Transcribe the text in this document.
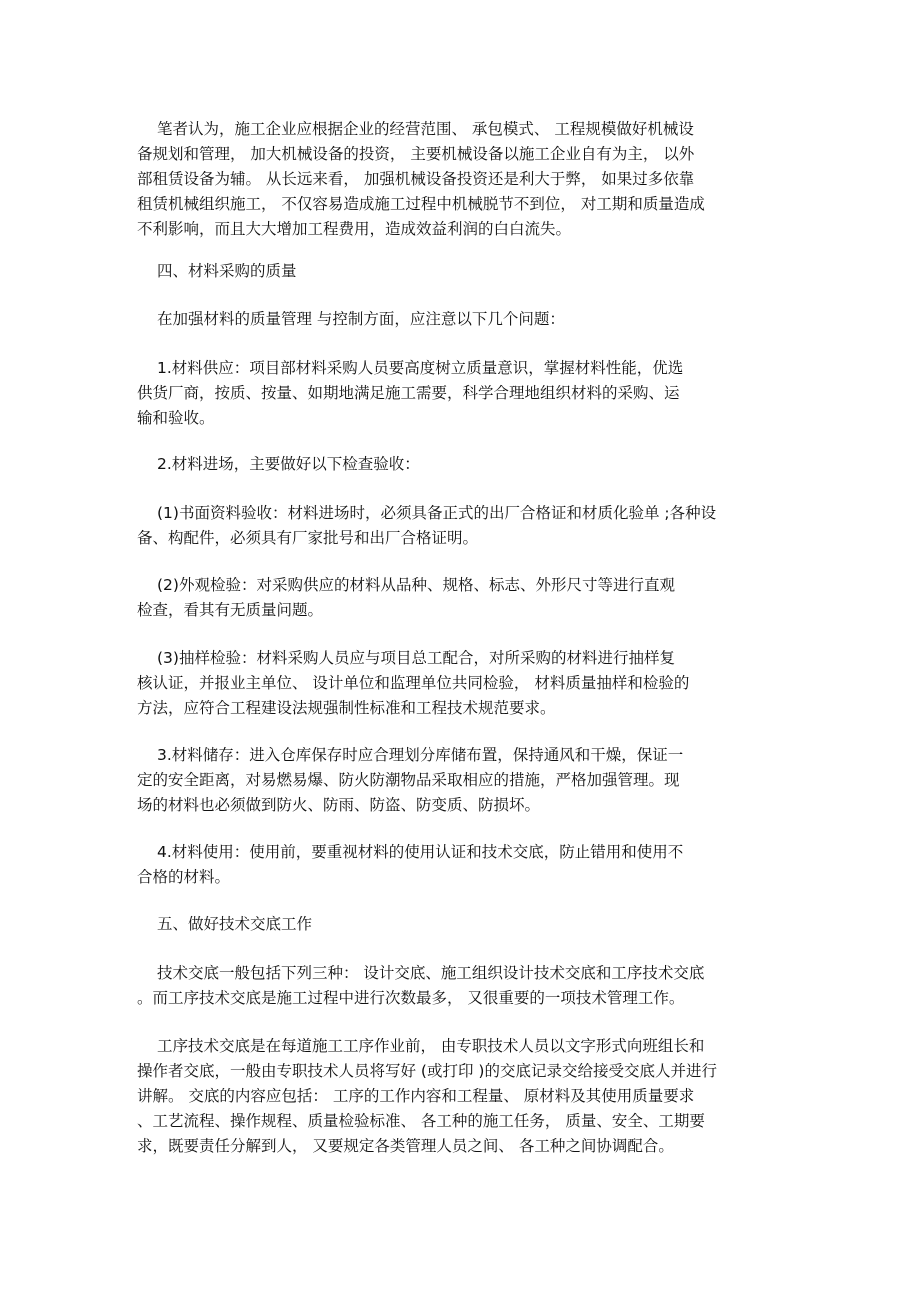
笔者认为，施工企业应根据企业的经营范围、 承包模式、 工程规模做好机械设
备规划和管理， 加大机械设备的投资， 主要机械设备以施工企业自有为主， 以外
部租赁设备为辅。 从长远来看， 加强机械设备投资还是利大于弊， 如果过多依靠
租赁机械组织施工， 不仅容易造成施工过程中机械脱节不到位， 对工期和质量造成
不利影响，而且大大增加工程费用，造成效益利润的白白流失。
四、材料采购的质量
在加强材料的质量管理 与控制方面，应注意以下几个问题：
1.材料供应：项目部材料采购人员要高度树立质量意识，掌握材料性能，优选
供货厂商，按质、按量、如期地满足施工需要，科学合理地组织材料的采购、运
输和验收。
2.材料进场，主要做好以下检查验收：
(1)书面资料验收：材料进场时，必须具备正式的出厂合格证和材质化验单 ;各种设
备、构配件，必须具有厂家批号和出厂合格证明。
(2)外观检验：对采购供应的材料从品种、规格、标志、外形尺寸等进行直观
检查，看其有无质量问题。
(3)抽样检验：材料采购人员应与项目总工配合，对所采购的材料进行抽样复
核认证，并报业主单位、 设计单位和监理单位共同检验， 材料质量抽样和检验的
方法，应符合工程建设法规强制性标准和工程技术规范要求。
3.材料储存：进入仓库保存时应合理划分库储布置，保持通风和干燥，保证一
定的安全距离，对易燃易爆、防火防潮物品采取相应的措施，严格加强管理。现
场的材料也必须做到防火、防雨、防盗、防变质、防损坏。
4.材料使用：使用前，要重视材料的使用认证和技术交底，防止错用和使用不
合格的材料。
五、做好技术交底工作
技术交底一般包括下列三种： 设计交底、施工组织设计技术交底和工序技术交底
。而工序技术交底是施工过程中进行次数最多， 又很重要的一项技术管理工作。
工序技术交底是在每道施工工序作业前， 由专职技术人员以文字形式向班组长和
操作者交底，一般由专职技术人员将写好 (或打印 )的交底记录交给接受交底人并进行
讲解。 交底的内容应包括： 工序的工作内容和工程量、 原材料及其使用质量要求
、工艺流程、操作规程、质量检验标准、 各工种的施工任务， 质量、安全、工期要
求，既要责任分解到人， 又要规定各类管理人员之间、 各工种之间协调配合。
